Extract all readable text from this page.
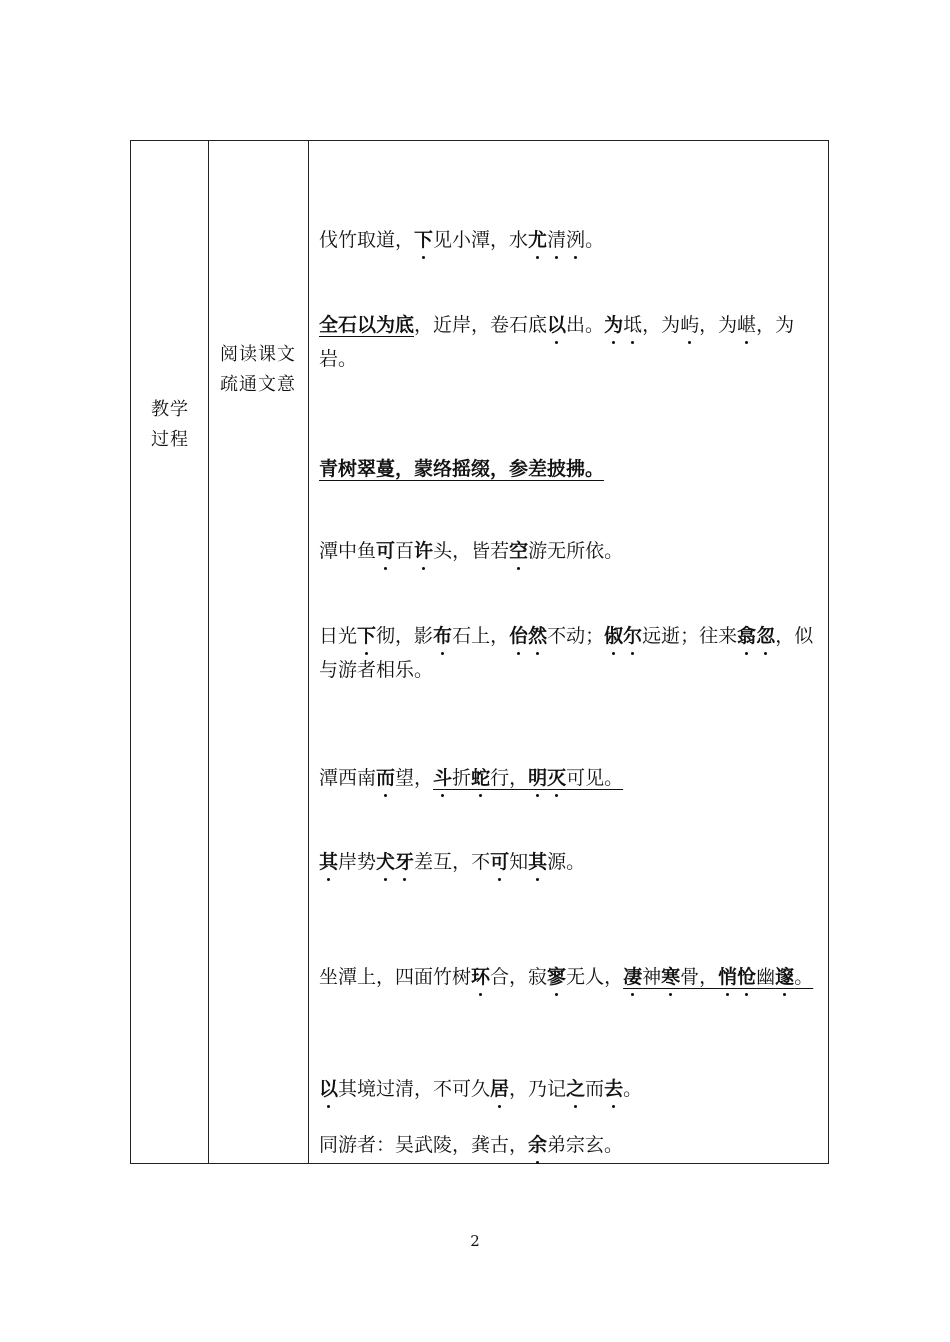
教学
过程

阅读课文
疏通文意

伐竹取道，下见小潭，水尤清洌。
全石以为底，近岸，卷石底以出。为坻，为屿，为嵁，为岩。
青树翠蔓，蒙络摇缀，参差披拂。
潭中鱼可百许头，皆若空游无所依。
日光下彻，影布石上，佁然不动；俶尔远逝；往来翕忽，似与游者相乐。
潭西南而望，斗折蛇行，明灭可见。
其岸势犬牙差互，不可知其源。
坐潭上，四面竹树环合，寂寥无人，凄神寒骨，悄怆幽邃。
以其境过清，不可久居，乃记之而去。
同游者：吴武陵，龚古，余弟宗玄。
2
